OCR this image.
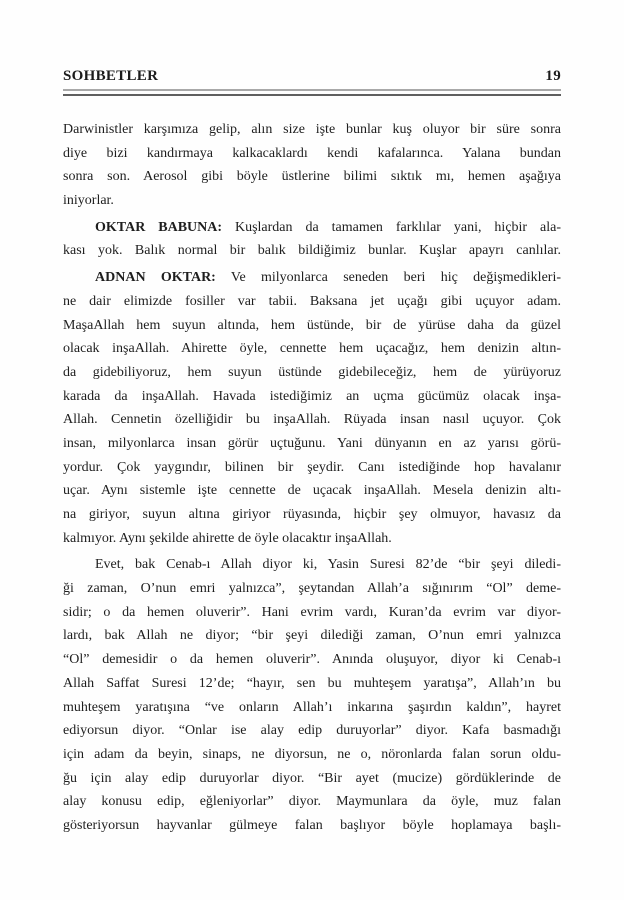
SOHBETLER	19
Darwinistler karşımıza gelip, alın size işte bunlar kuş oluyor bir süre sonra
diye bizi kandırmaya kalkacaklardı kendi kafalarınca. Yalana bundan
sonra son. Aerosol gibi böyle üstlerine bilimi sıktık mı, hemen aşağıya
iniyorlar.
OKTAR BABUNA: Kuşlardan da tamamen farklılar yani, hiçbir ala-
kası yok. Balık normal bir balık bildiğimiz bunlar. Kuşlar apayrı canlılar.
ADNAN OKTAR: Ve milyonlarca seneden beri hiç değişmedikleri-
ne dair elimizde fosiller var tabii. Baksana jet uçağı gibi uçuyor adam.
MaşaAllah hem suyun altında, hem üstünde, bir de yürüse daha da güzel
olacak inşaAllah. Ahirette öyle, cennette hem uçacağız, hem denizin altın-
da gidebiliyoruz, hem suyun üstünde gidebileceğiz, hem de yürüyoruz
karada da inşaAllah. Havada istediğimiz an uçma gücümüz olacak inşa-
Allah. Cennetin özelliğidir bu inşaAllah. Rüyada insan nasıl uçuyor. Çok
insan, milyonlarca insan görür uçtuğunu. Yani dünyanın en az yarısı görü-
yordur. Çok yaygındır, bilinen bir şeydir. Canı istediğinde hop havalanır
uçar. Aynı sistemle işte cennette de uçacak inşaAllah. Mesela denizin altı-
na giriyor, suyun altına giriyor rüyasında, hiçbir şey olmuyor, havasız da
kalmıyor. Aynı şekilde ahirette de öyle olacaktır inşaAllah.
Evet, bak Cenab-ı Allah diyor ki, Yasin Suresi 82’de “bir şeyi diledi-
ği zaman, O’nun emri yalnızca”, şeytandan Allah’a sığınırım “Ol” deme-
sidir; o da hemen oluverir”. Hani evrim vardı, Kuran’da evrim var diyor-
lardı, bak Allah ne diyor; “bir şeyi dilediği zaman, O’nun emri yalnızca
“Ol” demesidir o da hemen oluverir”. Anında oluşuyor, diyor ki Cenab-ı
Allah Saffat Suresi 12’de; “hayır, sen bu muhteşem yaratışa”, Allah’ın bu
muhteşem yaratışına “ve onların Allah’ı inkarına şaşırdın kaldın”, hayret
ediyorsun diyor. “Onlar ise alay edip duruyorlar” diyor. Kafa basmadığı
için adam da beyin, sinaps, ne diyorsun, ne o, nöronlarda falan sorun oldu-
ğu için alay edip duruyorlar diyor. “Bir ayet (mucize) gördüklerinde de
alay konusu edip, eğleniyorlar” diyor. Maymunlara da öyle, muz falan
gösteriyorsun hayvanlar gülmeye falan başlıyor böyle hoplamaya başlı-
